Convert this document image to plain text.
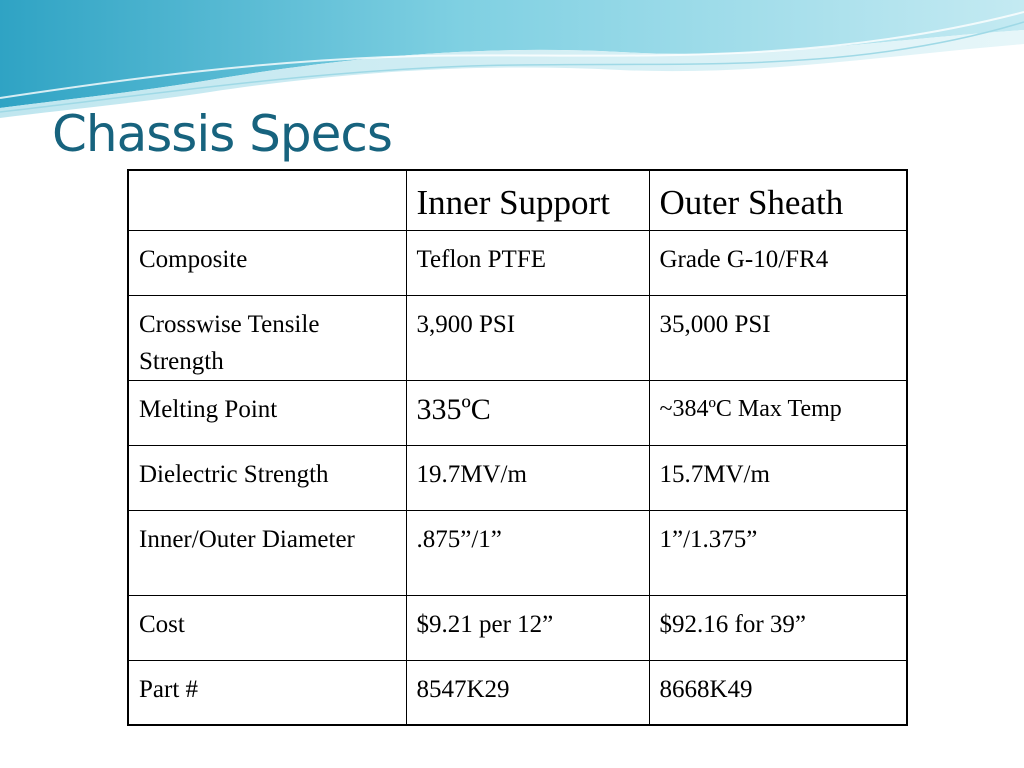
Chassis Specs
	Inner Support	Outer Sheath
Composite	Teflon PTFE	Grade G-10/FR4
Crosswise Tensile Strength	3,900 PSI	35,000 PSI
Melting Point	335ºC	~384ºC Max Temp
Dielectric Strength	19.7MV/m	15.7MV/m
Inner/Outer Diameter	.875”/1”	1”/1.375”
Cost	$9.21 per 12”	$92.16 for 39”
Part #	8547K29	8668K49
